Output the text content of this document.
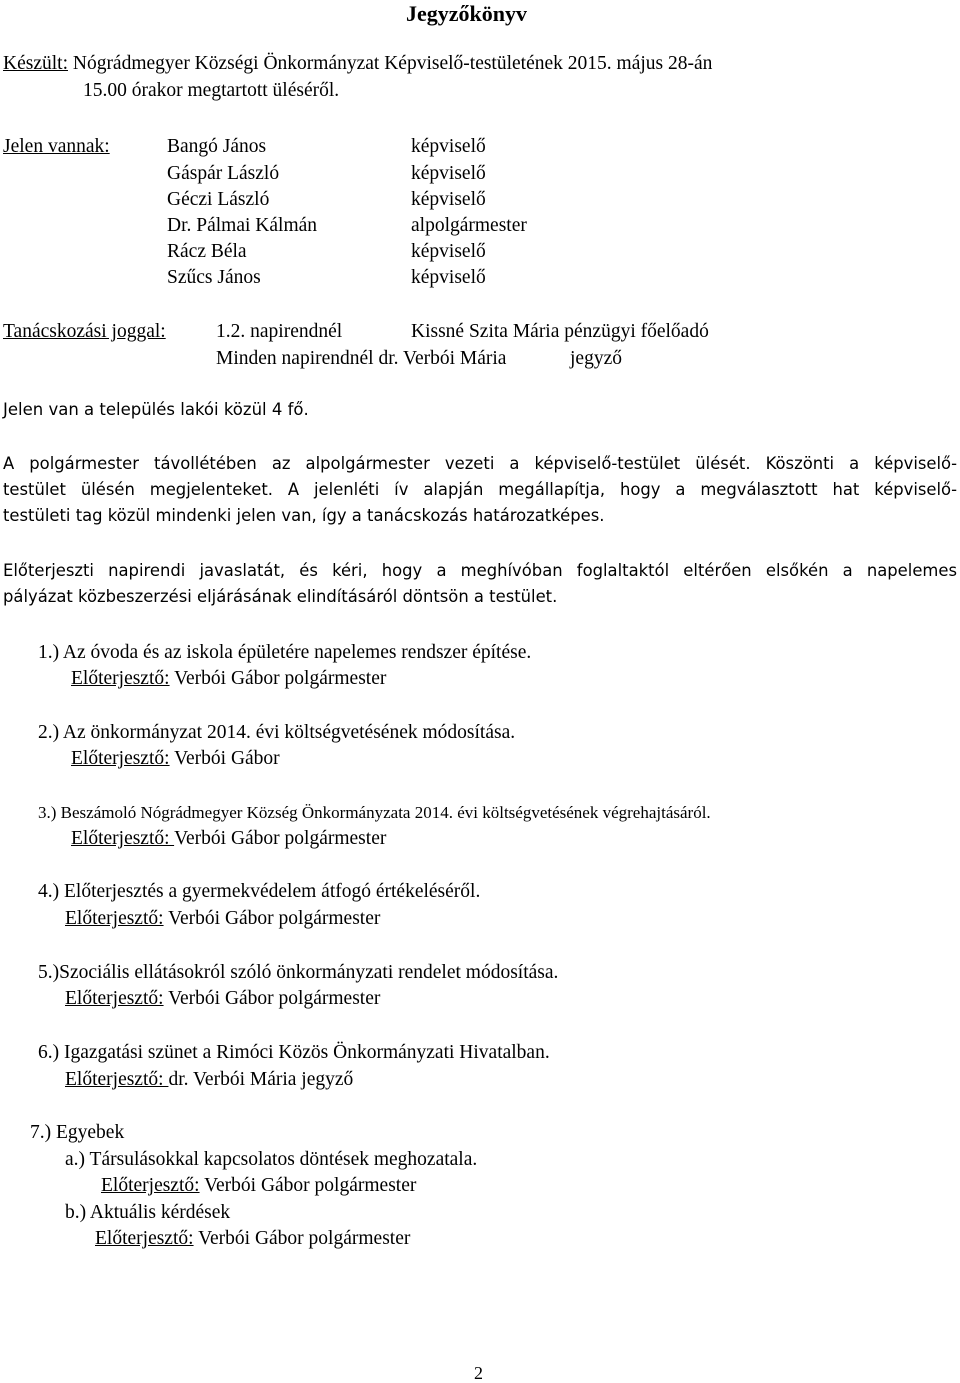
Jegyzőkönyv
Készült: Nógrádmegyer Községi Önkormányzat Képviselő-testületének 2015. május 28-án
15.00 órakor megtartott üléséről.
Jelen vannak:	Bangó János	képviselő
Gáspár László	képviselő
Géczi László	képviselő
Dr. Pálmai Kálmán	alpolgármester
Rácz Béla	képviselő
Szűcs János	képviselő
Tanácskozási joggal:	1.2. napirendnél	Kissné Szita Mária pénzügyi főelőadó
Minden napirendnél dr. Verbói Mária	jegyző
Jelen van a település lakói közül 4 fő.
A polgármester távollétében az alpolgármester vezeti a képviselő-testület ülését. Köszönti a képviselő-
testület ülésén megjelenteket. A jelenléti ív alapján megállapítja, hogy a megválasztott hat képviselő-
testületi tag közül mindenki jelen van, így a tanácskozás határozatképes.
Előterjeszti napirendi javaslatát, és kéri, hogy a meghívóban foglaltaktól eltérően elsőkén a napelemes
pályázat közbeszerzési eljárásának elindításáról döntsön a testület.
1.) Az óvoda és az iskola épületére napelemes rendszer építése.
Előterjesztő: Verbói Gábor polgármester
2.) Az önkormányzat 2014. évi költségvetésének módosítása.
Előterjesztő: Verbói Gábor
3.) Beszámoló Nógrádmegyer Község Önkormányzata 2014. évi költségvetésének végrehajtásáról.
Előterjesztő: Verbói Gábor polgármester
4.) Előterjesztés a gyermekvédelem átfogó értékeléséről.
Előterjesztő: Verbói Gábor polgármester
5.)Szociális ellátásokról szóló önkormányzati rendelet módosítása.
Előterjesztő: Verbói Gábor polgármester
6.) Igazgatási szünet a Rimóci Közös Önkormányzati Hivatalban.
Előterjesztő: dr. Verbói Mária jegyző
7.) Egyebek
a.) Társulásokkal kapcsolatos döntések meghozatala.
Előterjesztő: Verbói Gábor polgármester
b.) Aktuális kérdések
Előterjesztő: Verbói Gábor polgármester
2
